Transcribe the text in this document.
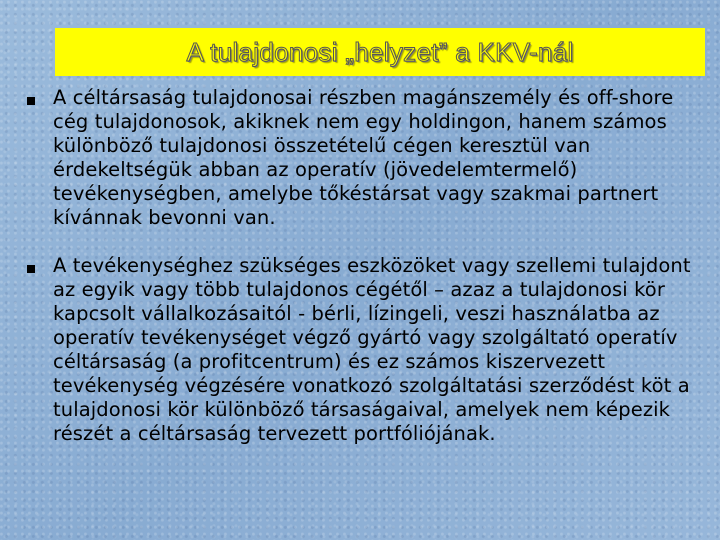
A tulajdonosi „helyzet” a KKV-nál
A céltársaság tulajdonosai részben magánszemély és off-shore cég tulajdonosok, akiknek nem egy holdingon, hanem számos különböző tulajdonosi összetételű cégen keresztül van érdekeltségük abban az operatív (jövedelemtermelő) tevékenységben, amelybe tőkéstársat vagy szakmai partnert kívánnak bevonni van.
A tevékenységhez szükséges eszközöket vagy szellemi tulajdont az egyik vagy több tulajdonos cégétől – azaz a tulajdonosi kör kapcsolt vállalkozásaitól - bérli, lízingeli, veszi használatba az operatív tevékenységet végző gyártó vagy szolgáltató operatív céltársaság (a profitcentrum) és ez számos kiszervezett tevékenység végzésére vonatkozó szolgáltatási szerződést köt a tulajdonosi kör különböző társaságaival, amelyek nem képezik részét a céltársaság tervezett portfóliójának.
